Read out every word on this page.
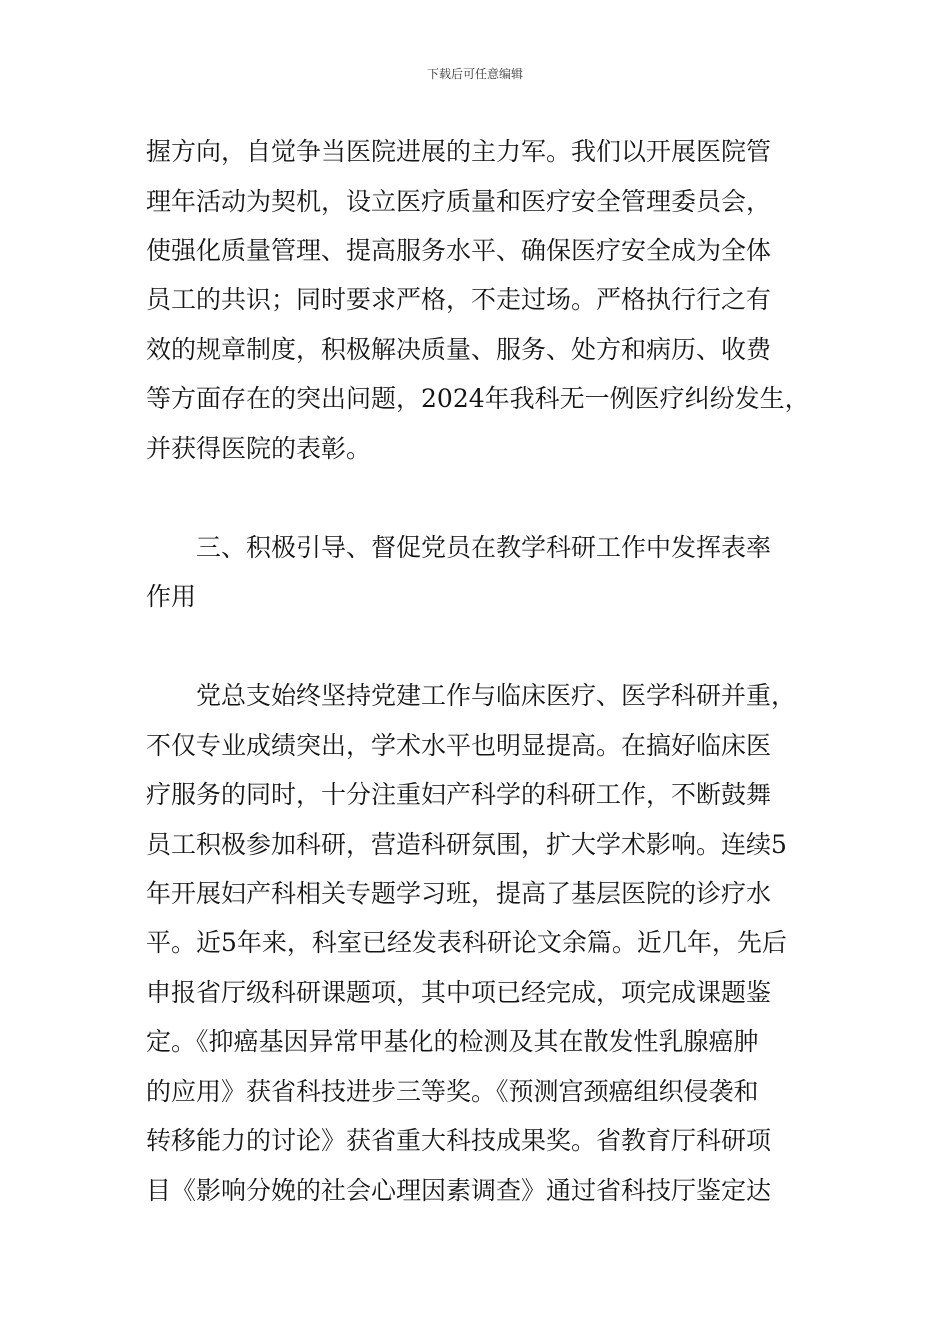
下载后可任意编辑
握方向，自觉争当医院进展的主力军。我们以开展医院管
理年活动为契机，设立医疗质量和医疗安全管理委员会，
使强化质量管理、提高服务水平、确保医疗安全成为全体
员工的共识；同时要求严格，不走过场。严格执行行之有
效的规章制度，积极解决质量、服务、处方和病历、收费
等方面存在的突出问题，2024年我科无一例医疗纠纷发生，
并获得医院的表彰。
三、积极引导、督促党员在教学科研工作中发挥表率
作用
党总支始终坚持党建工作与临床医疗、医学科研并重，
不仅专业成绩突出，学术水平也明显提高。在搞好临床医
疗服务的同时，十分注重妇产科学的科研工作，不断鼓舞
员工积极参加科研，营造科研氛围，扩大学术影响。连续5
年开展妇产科相关专题学习班，提高了基层医院的诊疗水
平。近5年来，科室已经发表科研论文余篇。近几年，先后
申报省厅级科研课题项，其中项已经完成，项完成课题鉴
定。《抑癌基因异常甲基化的检测及其在散发性乳腺癌肿
的应用》获省科技进步三等奖。《预测宫颈癌组织侵袭和
转移能力的讨论》获省重大科技成果奖。省教育厅科研项
目《影响分娩的社会心理因素调查》通过省科技厅鉴定达
